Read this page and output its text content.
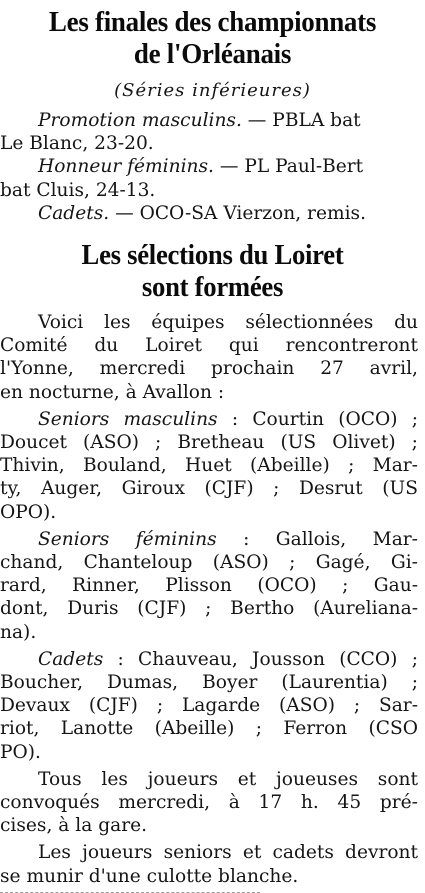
Les finales des championnats
de l'Orléanais
(Séries inférieures)
Promotion masculins. — PBLA bat
Le Blanc, 23-20.
Honneur féminins. — PL Paul-Bert
bat Cluis, 24-13.
Cadets. — OCO-SA Vierzon, remis.
Les sélections du Loiret
sont formées
Voici les équipes sélectionnées du
Comité du Loiret qui rencontreront
l'Yonne, mercredi prochain 27 avril,
en nocturne, à Avallon :
Seniors masculins : Courtin (OCO) ;
Doucet (ASO) ; Bretheau (US Olivet) ;
Thivin, Bouland, Huet (Abeille) ; Mar-
ty, Auger, Giroux (CJF) ; Desrut (US
OPO).
Seniors féminins : Gallois, Mar-
chand, Chanteloup (ASO) ; Gagé, Gi-
rard, Rinner, Plisson (OCO) ; Gau-
dont, Duris (CJF) ; Bertho (Aureliana-
na).
Cadets : Chauveau, Jousson (CCO) ;
Boucher, Dumas, Boyer (Laurentia) ;
Devaux (CJF) ; Lagarde (ASO) ; Sar-
riot, Lanotte (Abeille) ; Ferron (CSO
PO).
Tous les joueurs et joueuses sont
convoqués mercredi, à 17 h. 45 pré-
cises, à la gare.
Les joueurs seniors et cadets devront
se munir d'une culotte blanche.
